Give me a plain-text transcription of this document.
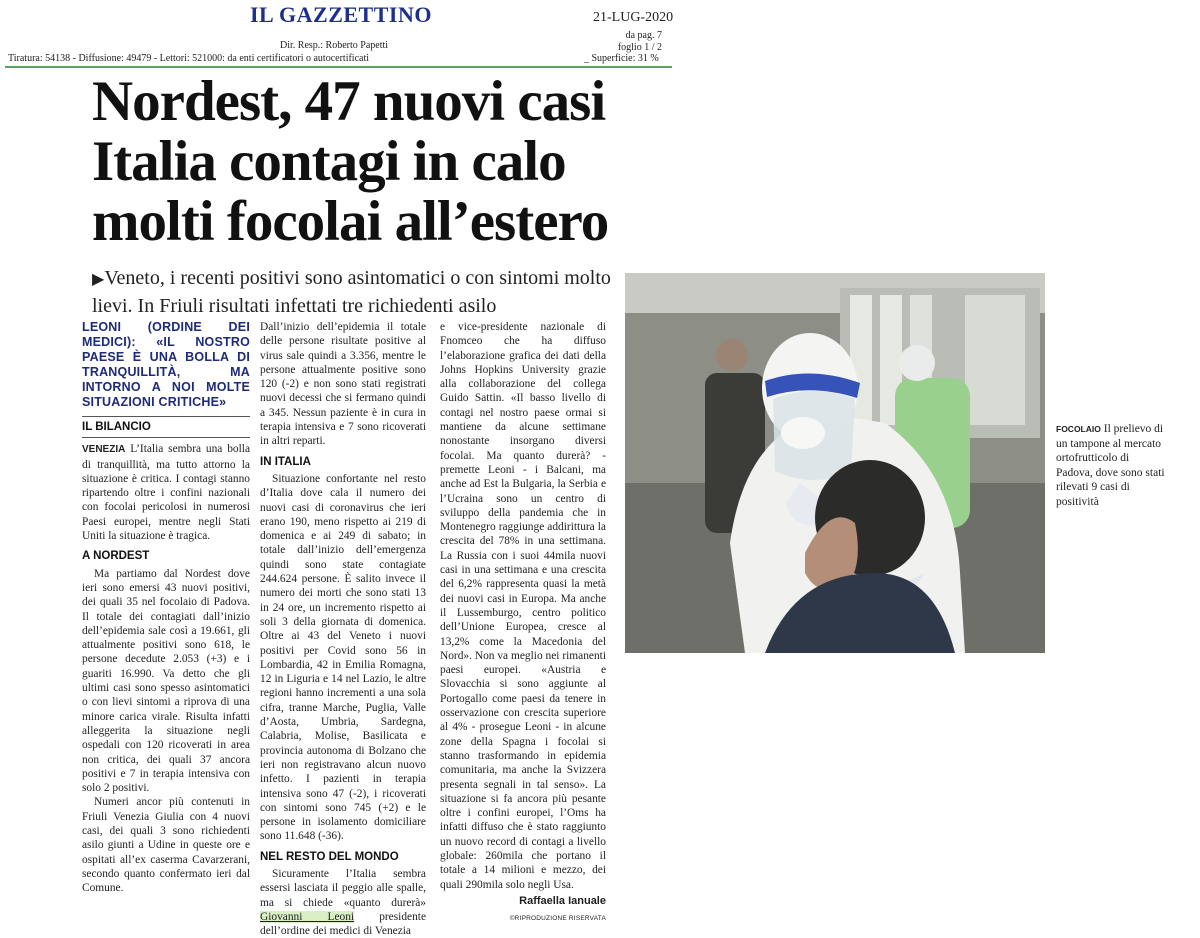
IL GAZZETTINO
Dir. Resp.: Roberto Papetti
Tiratura: 54138 - Diffusione: 49479 - Lettori: 521000: da enti certificatori o autocertificati
21-LUG-2020
da pag. 7
foglio 1 / 2
_ Superficie: 31 %
Nordest, 47 nuovi casi
Italia contagi in calo
molti focolai all’estero
▶Veneto, i recenti positivi sono asintomatici o con sintomi molto lievi. In Friuli risultati infettati tre richiedenti asilo
LEONI (ORDINE DEI MEDICI): «IL NOSTRO PAESE È UNA BOLLA DI TRANQUILLITÀ, MA INTORNO A NOI MOLTE SITUAZIONI CRITICHE»
IL BILANCIO

VENEZIA L’Italia sembra una bolla di tranquillità, ma tutto attorno la situazione è critica. I contagi stanno ripartendo oltre i confini nazionali con focolai pericolosi in numerosi Paesi europei, mentre negli Stati Uniti la situazione è tragica.

A NORDEST

Ma partiamo dal Nordest dove ieri sono emersi 43 nuovi positivi, dei quali 35 nel focolaio di Padova. Il totale dei contagiati dall’inizio dell’epidemia sale così a 19.661, gli attualmente positivi sono 618, le persone decedute 2.053 (+3) e i guariti 16.990. Va detto che gli ultimi casi sono spesso asintomatici o con lievi sintomi a riprova di una minore carica virale. Risulta infatti alleggerita la situazione negli ospedali con 120 ricoverati in area non critica, dei quali 37 ancora positivi e 7 in terapia intensiva con solo 2 positivi.

Numeri ancor più contenuti in Friuli Venezia Giulia con 4 nuovi casi, dei quali 3 sono richiedenti asilo giunti a Udine in queste ore e ospitati all’ex caserma Cavarzerani, secondo quanto confermato ieri dal Comune.

Dall’inizio dell’epidemia il totale delle persone risultate positive al virus sale quindi a 3.356, mentre le persone attualmente positive sono 120 (-2) e non sono stati registrati nuovi decessi che si fermano quindi a 345. Nessun paziente è in cura in terapia intensiva e 7 sono ricoverati in altri reparti.

IN ITALIA

Situazione confortante nel resto d’Italia dove cala il numero dei nuovi casi di coronavirus che ieri erano 190, meno rispetto ai 219 di domenica e ai 249 di sabato; in totale dall’inizio dell’emergenza quindi sono state contagiate 244.624 persone. È salito invece il numero dei morti che sono stati 13 in 24 ore, un incremento rispetto ai soli 3 della giornata di domenica. Oltre ai 43 del Veneto i nuovi positivi per Covid sono 56 in Lombardia, 42 in Emilia Romagna, 12 in Liguria e 14 nel Lazio, le altre regioni hanno incrementi a una sola cifra, tranne Marche, Puglia, Valle d’Aosta, Umbria, Sardegna, Calabria, Molise, Basilicata e provincia autonoma di Bolzano che ieri non registravano alcun nuovo infetto. I pazienti in terapia intensiva sono 47 (-2), i ricoverati con sintomi sono 745 (+2) e le persone in isolamento domiciliare sono 11.648 (-36).

NEL RESTO DEL MONDO

Sicuramente l’Italia sembra essersi lasciata il peggio alle spalle, ma si chiede «quanto durerà» Giovanni Leoni presidente dell’ordine dei medici di Venezia

e vice-presidente nazionale di Fnomceo che ha diffuso l’elaborazione grafica dei dati della Johns Hopkins University grazie alla collaborazione del collega Guido Sattin. «Il basso livello di contagi nel nostro paese ormai si mantiene da alcune settimane nonostante insorgano diversi focolai. Ma quanto durerà? - premette Leoni - i Balcani, ma anche ad Est la Bulgaria, la Serbia e l’Ucraina sono un centro di sviluppo della pandemia che in Montenegro raggiunge addirittura la crescita del 78% in una settimana. La Russia con i suoi 44mila nuovi casi in una settimana e una crescita del 6,2% rappresenta quasi la metà dei nuovi casi in Europa. Ma anche il Lussemburgo, centro politico dell’Unione Europea, cresce al 13,2% come la Macedonia del Nord». Non va meglio nei rimanenti paesi europei. «Austria e Slovacchia si sono aggiunte al Portogallo come paesi da tenere in osservazione con crescita superiore al 4% - prosegue Leoni - in alcune zone della Spagna i focolai si stanno trasformando in epidemia comunitaria, ma anche la Svizzera presenta segnali in tal senso». La situazione si fa ancora più pesante oltre i confini europei, l’Oms ha infatti diffuso che è stato raggiunto un nuovo record di contagi a livello globale: 260mila che portano il totale a 14 milioni e mezzo, dei quali 290mila solo negli Usa.

Raffaella Ianuale
©RIPRODUZIONE RISERVATA
FOCOLAIO Il prelievo di un tampone al mercato ortofrutticolo di Padova, dove sono stati rilevati 9 casi di positività
